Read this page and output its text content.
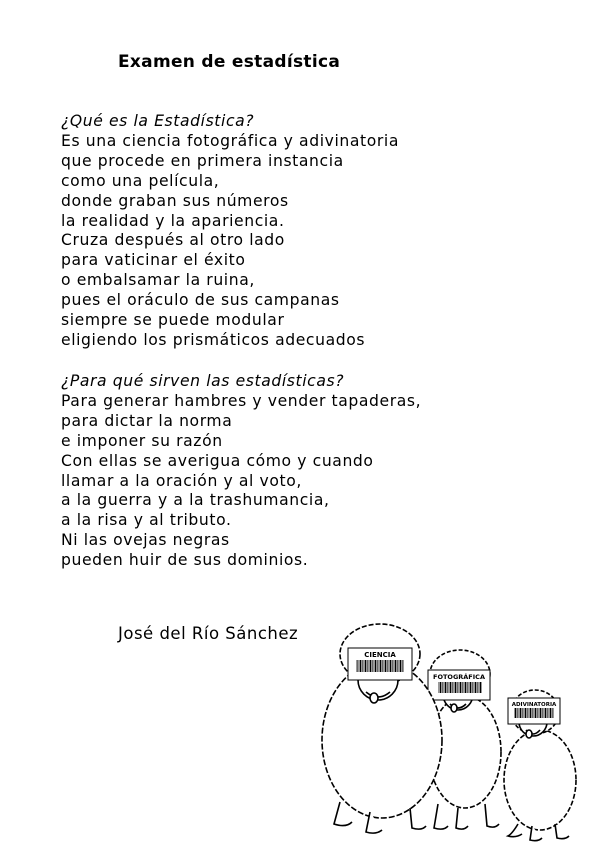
Examen de estadística
¿Qué es la Estadística?
Es una ciencia fotográfica y adivinatoria
que procede en primera instancia
como una película,
donde graban sus números
la realidad y la apariencia.
Cruza después al otro lado
para vaticinar el éxito
o embalsamar la ruina,
pues el oráculo de sus campanas
siempre se puede modular
eligiendo los prismáticos adecuados
¿Para qué sirven las estadísticas?
Para generar hambres y vender tapaderas,
para dictar la norma
e imponer su razón
Con ellas se averigua cómo y cuando
llamar a la oración y al voto,
a la guerra y a la trashumancia,
a la risa y al tributo.
Ni las ovejas negras
pueden huir de sus dominios.
José del Río Sánchez
CIENCIA
FOTOGRÁFICA
ADIVINATORIA
